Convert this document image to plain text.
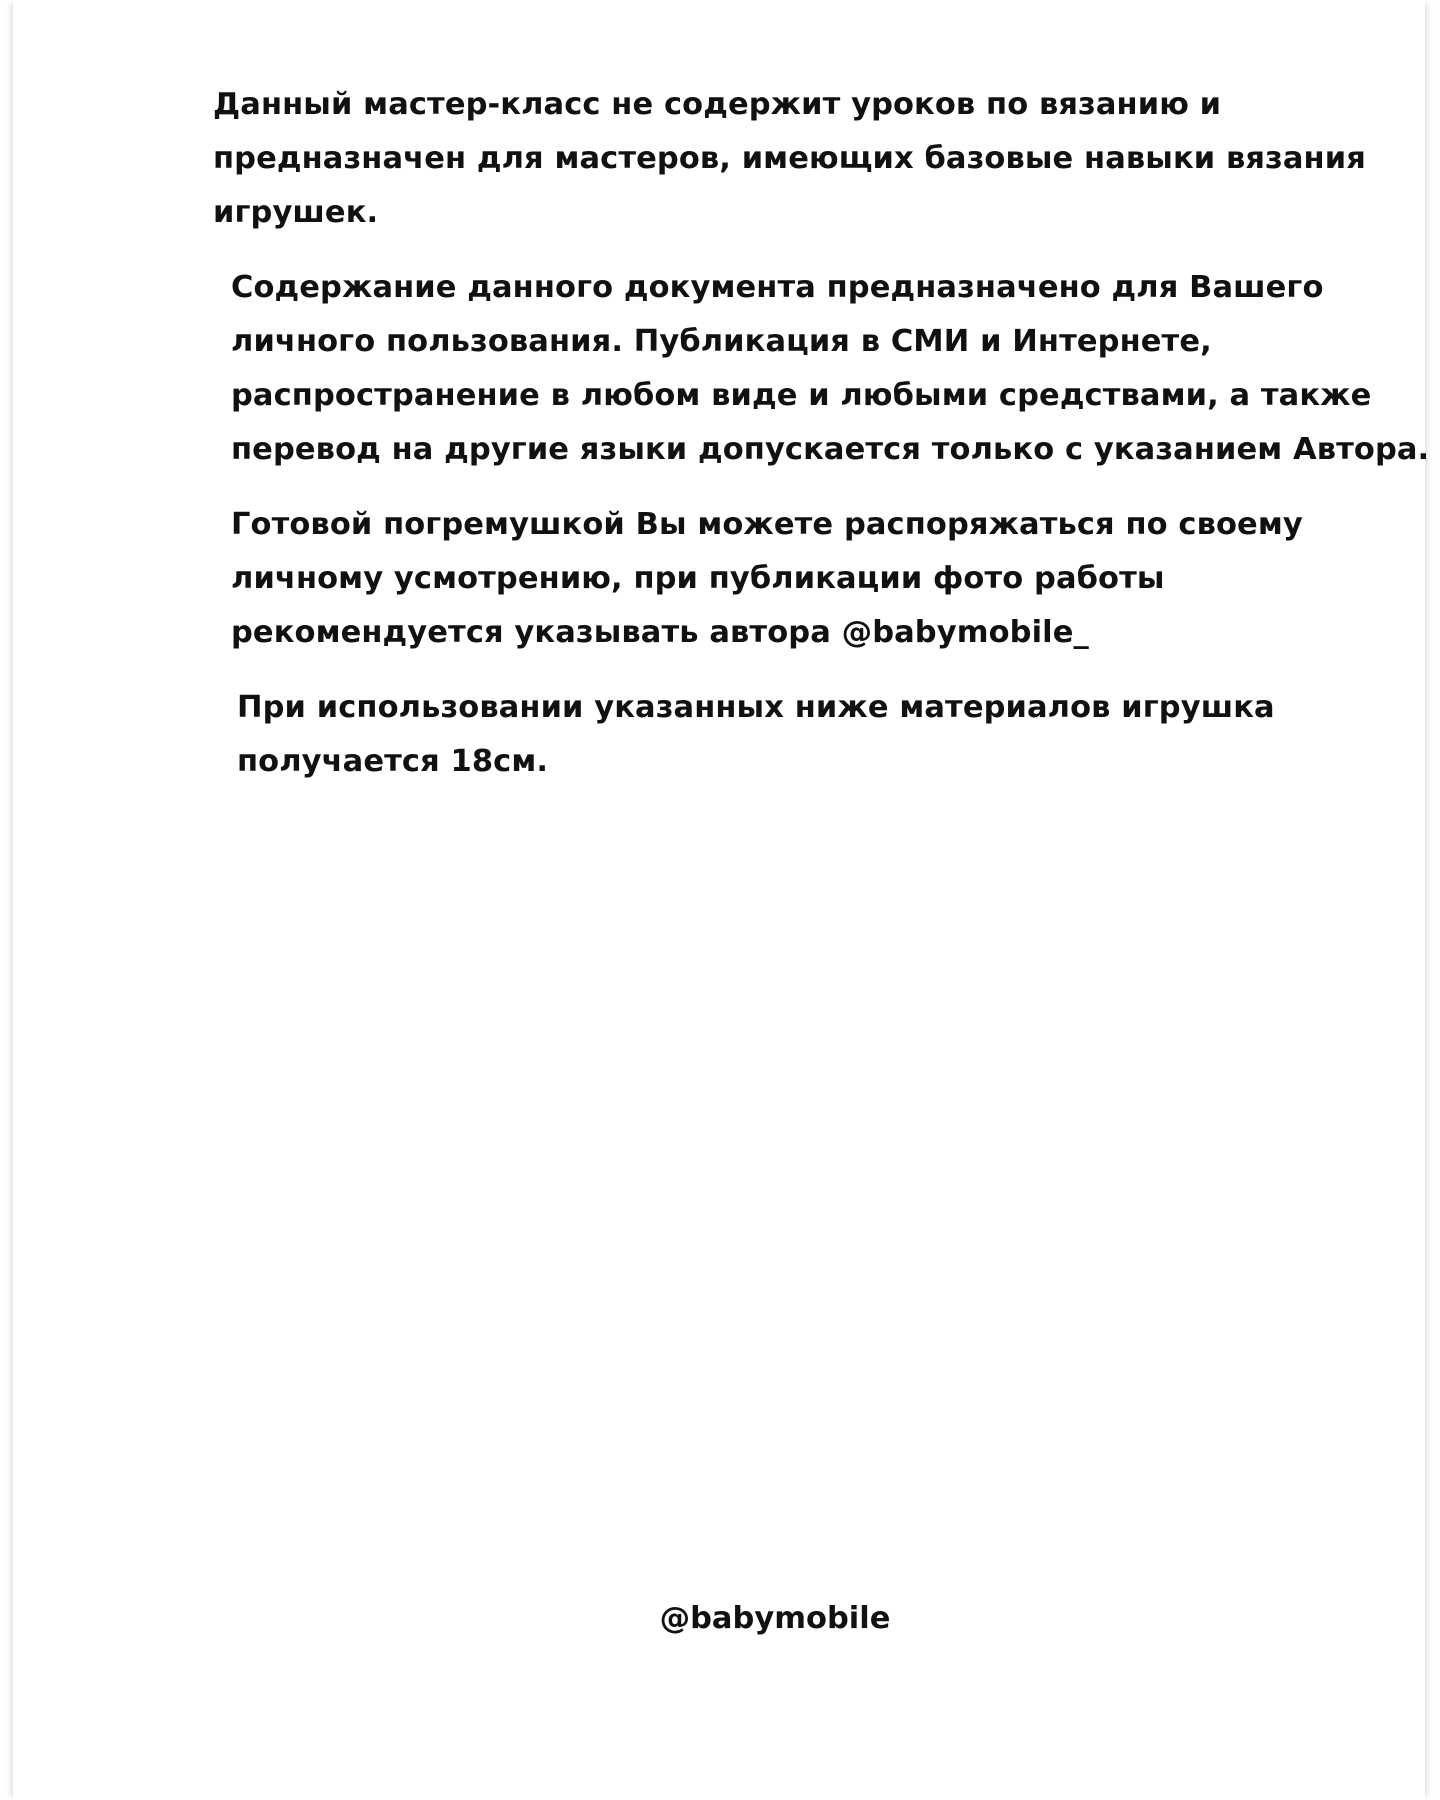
Данный мастер-класс не содержит уроков по вязанию и
предназначен для мастеров, имеющих базовые навыки вязания
игрушек.

Содержание данного документа предназначено для Вашего
личного пользования. Публикация в СМИ и Интернете,
распространение в любом виде и любыми средствами, а также
перевод на другие языки допускается только с указанием Автора.

Готовой погремушкой Вы можете распоряжаться по своему
личному усмотрению, при публикации фото работы
рекомендуется указывать автора @babymobile_

При использовании указанных ниже материалов игрушка
получается 18см.

@babymobile
